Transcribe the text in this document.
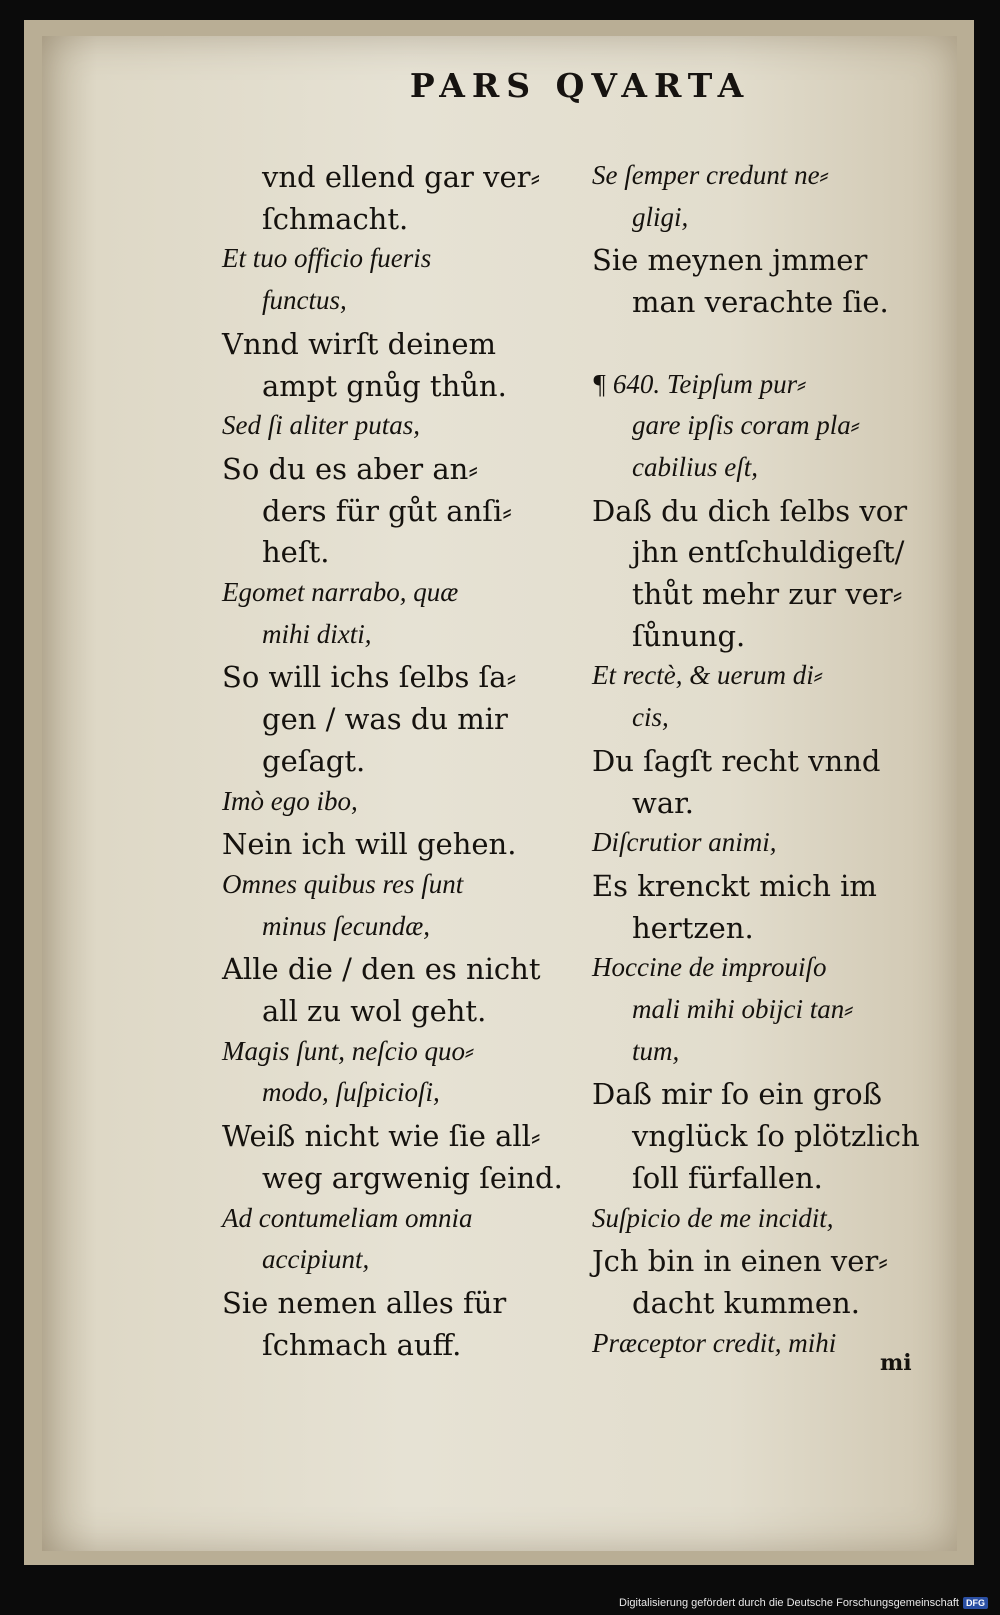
PARS QVARTA
vnd ellend gar ver⸗
ſchmacht.
Et tuo officio fueris
functus,
Vnnd wirſt deinem
ampt gnůg thůn.
Sed ſi aliter putas,
So du es aber an⸗
ders für gůt anſi⸗
heſt.
Egomet narrabo, quæ
mihi dixti,
So will ichs ſelbs ſa⸗
gen / was du mir
geſagt.
Imò ego ibo,
Nein ich will gehen.
Omnes quibus res ſunt
minus ſecundæ,
Alle die / den es nicht
all zu wol geht.
Magis ſunt, neſcio quo⸗
modo, ſuſpicioſi,
Weiß nicht wie ſie all⸗
weg argwenig ſeind.
Ad contumeliam omnia
accipiunt,
Sie nemen alles für
ſchmach auff.
Se ſemper credunt ne⸗
gligi,
Sie meynen jmmer
man verachte ſie.
¶ 640. Teipſum pur⸗
gare ipſis coram pla⸗
cabilius eſt,
Daß du dich ſelbs vor
jhn entſchuldigeſt/
thůt mehr zur ver⸗
ſůnung.
Et rectè, & uerum di⸗
cis,
Du ſagſt recht vnnd
war.
Diſcrutior animi,
Es krenckt mich im
hertzen.
Hoccine de improuiſo
mali mihi obijci tan⸗
tum,
Daß mir ſo ein groß
vnglück ſo plötzlich
ſoll fürfallen.
Suſpicio de me incidit,
Jch bin in einen ver⸗
dacht kummen.
Præceptor credit, mihi
mi
Digitalisierung gefördert durch die Deutsche Forschungsgemeinschaft DFG
